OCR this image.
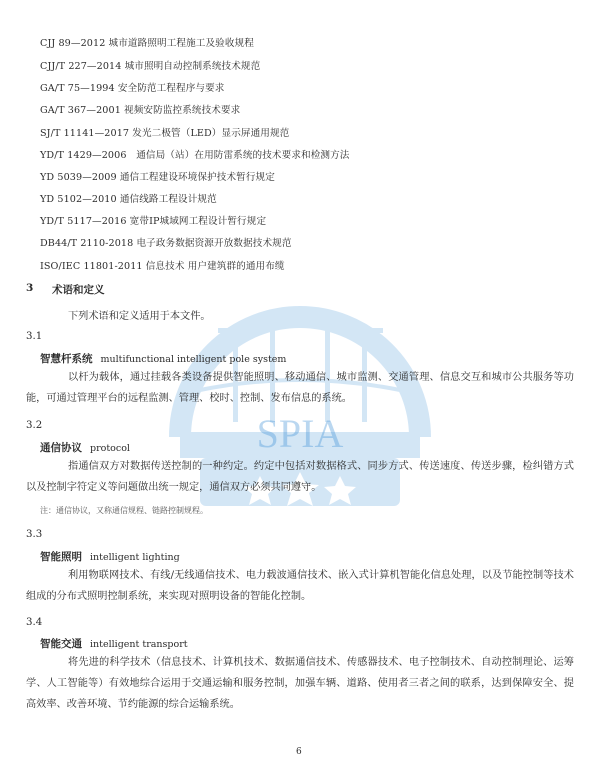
SPIA
CJJ 89—2012 城市道路照明工程施工及验收规程
CJJ/T 227—2014 城市照明自动控制系统技术规范
GA/T 75—1994 安全防范工程程序与要求
GA/T 367—2001 视频安防监控系统技术要求
SJ/T 11141—2017 发光二极管（LED）显示屏通用规范
YD/T 1429—2006　通信局（站）在用防雷系统的技术要求和检测方法
YD 5039—2009 通信工程建设环境保护技术暂行规定
YD 5102—2010 通信线路工程设计规范
YD/T 5117—2016 宽带IP城域网工程设计暂行规定
DB44/T 2110-2018 电子政务数据资源开放数据技术规范
ISO/IEC 11801-2011 信息技术 用户建筑群的通用布缆
3 术语和定义
下列术语和定义适用于本文件。
3.1
智慧杆系统 multifunctional intelligent pole system
以杆为载体，通过挂载各类设备提供智能照明、移动通信、城市监测、交通管理、信息交互和城市公共服务等功能，可通过管理平台的远程监测、管理、校时、控制、发布信息的系统。
3.2
通信协议 protocol
指通信双方对数据传送控制的一种约定。约定中包括对数据格式、同步方式、传送速度、传送步骤，检纠错方式以及控制字符定义等问题做出统一规定，通信双方必须共同遵守。
注：通信协议，又称通信规程、链路控制规程。
3.3
智能照明 intelligent lighting
利用物联网技术、有线/无线通信技术、电力载波通信技术、嵌入式计算机智能化信息处理，以及节能控制等技术组成的分布式照明控制系统，来实现对照明设备的智能化控制。
3.4
智能交通 intelligent transport
将先进的科学技术（信息技术、计算机技术、数据通信技术、传感器技术、电子控制技术、自动控制理论、运筹学、人工智能等）有效地综合运用于交通运输和服务控制，加强车辆、道路、使用者三者之间的联系，达到保障安全、提高效率、改善环境、节约能源的综合运输系统。
6
